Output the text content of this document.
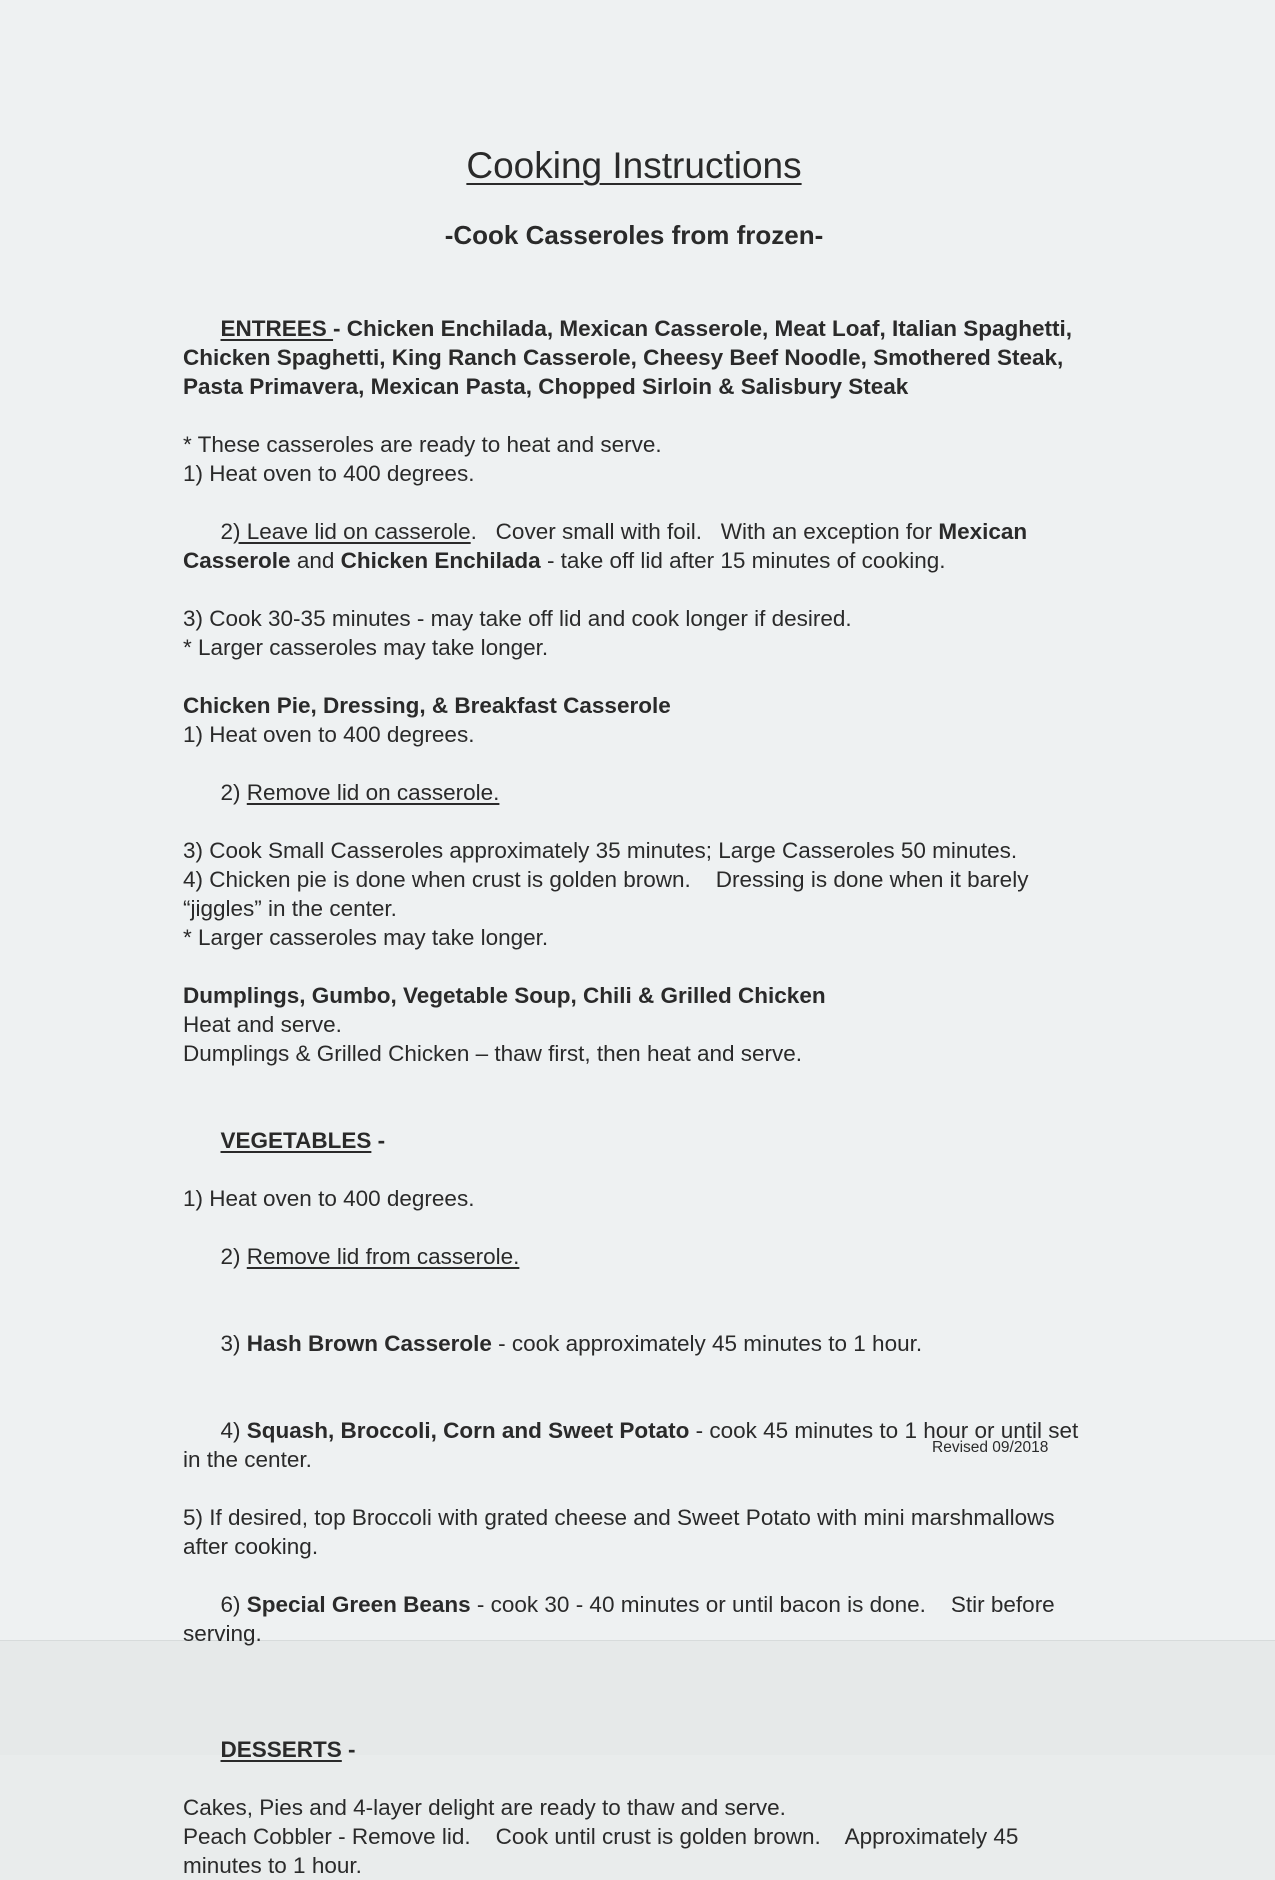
Cooking Instructions
-Cook Casseroles from frozen-

ENTREES - Chicken Enchilada, Mexican Casserole, Meat Loaf, Italian Spaghetti, Chicken Spaghetti, King Ranch Casserole, Cheesy Beef Noodle, Smothered Steak, Pasta Primavera, Mexican Pasta, Chopped Sirloin & Salisbury Steak

* These casseroles are ready to heat and serve.

1) Heat oven to 400 degrees.

2) Leave lid on casserole.   Cover small with foil.   With an exception for Mexican Casserole and Chicken Enchilada - take off lid after 15 minutes of cooking.

3) Cook 30-35 minutes - may take off lid and cook longer if desired.

* Larger casseroles may take longer.

Chicken Pie, Dressing, & Breakfast Casserole

1) Heat oven to 400 degrees.

2) Remove lid on casserole.

3) Cook Small Casseroles approximately 35 minutes; Large Casseroles 50 minutes.

4) Chicken pie is done when crust is golden brown.    Dressing is done when it barely “jiggles” in the center.

* Larger casseroles may take longer.

Dumplings, Gumbo, Vegetable Soup, Chili & Grilled Chicken

Heat and serve.

Dumplings & Grilled Chicken – thaw first, then heat and serve.

VEGETABLES -

1) Heat oven to 400 degrees.

2) Remove lid from casserole.

3) Hash Brown Casserole - cook approximately 45 minutes to 1 hour.

4) Squash, Broccoli, Corn and Sweet Potato - cook 45 minutes to 1 hour or until set in the center.

5) If desired, top Broccoli with grated cheese and Sweet Potato with mini marshmallows after cooking.

6) Special Green Beans - cook 30 - 40 minutes or until bacon is done.    Stir before serving.

DESSERTS -

Cakes, Pies and 4-layer delight are ready to thaw and serve.

Peach Cobbler - Remove lid.    Cook until crust is golden brown.    Approximately 45 minutes to 1 hour.

Revised 09/2018
